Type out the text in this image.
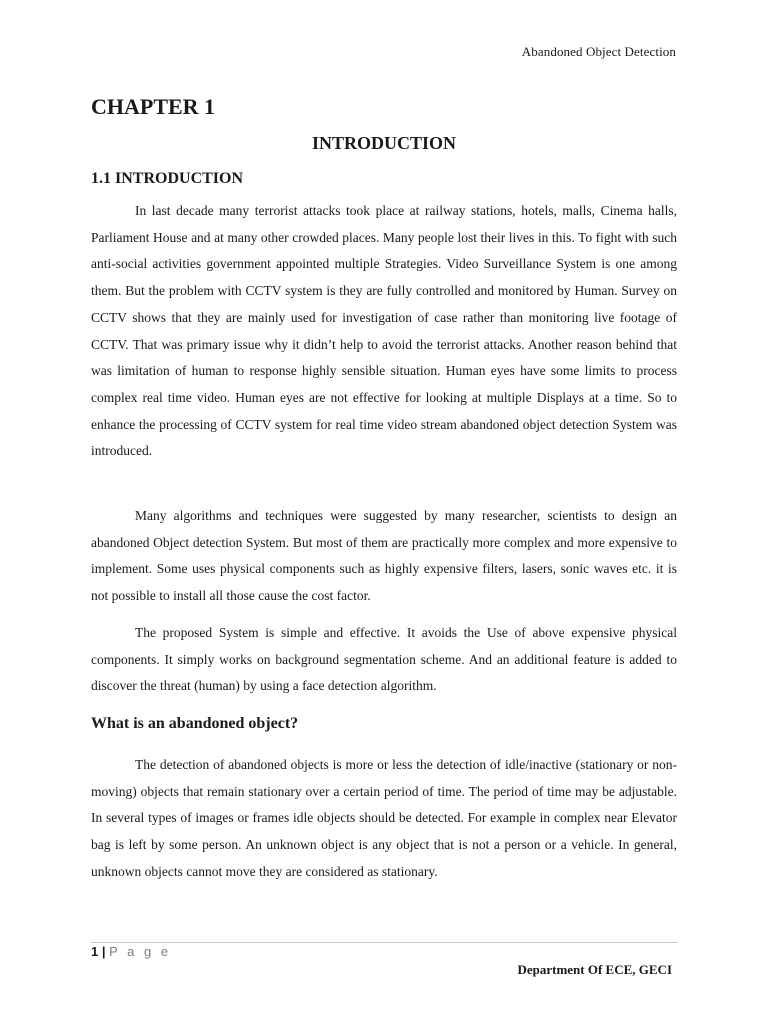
Abandoned Object Detection
CHAPTER 1
INTRODUCTION
1.1 INTRODUCTION

In last decade many terrorist attacks took place at railway stations, hotels, malls, Cinema halls, Parliament House and at many other crowded places. Many people lost their lives in this. To fight with such anti-social activities government appointed multiple Strategies. Video Surveillance System is one among them. But the problem with CCTV system is they are fully controlled and monitored by Human. Survey on CCTV shows that they are mainly used for investigation of case rather than monitoring live footage of CCTV. That was primary issue why it didn’t help to avoid the terrorist attacks. Another reason behind that was limitation of human to response highly sensible situation. Human eyes have some limits to process complex real time video. Human eyes are not effective for looking at multiple Displays at a time. So to enhance the processing of CCTV system for real time video stream abandoned object detection System was introduced.

Many algorithms and techniques were suggested by many researcher, scientists to design an abandoned Object detection System. But most of them are practically more complex and more expensive to implement. Some uses physical components such as highly expensive filters, lasers, sonic waves etc. it is not possible to install all those cause the cost factor.

The proposed System is simple and effective. It avoids the Use of above expensive physical components. It simply works on background segmentation scheme. And an additional feature is added to discover the threat (human) by using a face detection algorithm.

What is an abandoned object?

The detection of abandoned objects is more or less the detection of idle/inactive (stationary or non-moving) objects that remain stationary over a certain period of time. The period of time may be adjustable. In several types of images or frames idle objects should be detected. For example in complex near Elevator bag is left by some person. An unknown object is any object that is not a person or a vehicle. In general, unknown objects cannot move they are considered as stationary.

1 | P a g e
Department Of ECE, GECI
